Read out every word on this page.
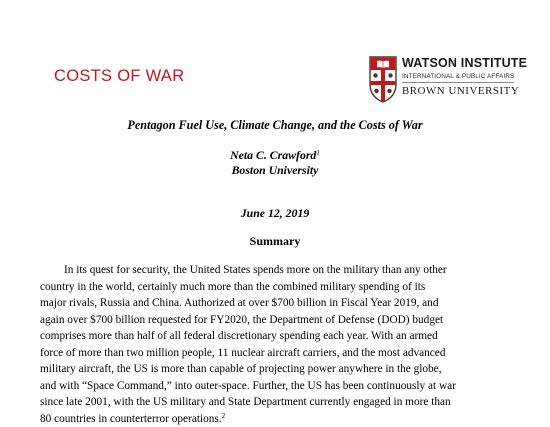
COSTS OF WAR
WATSON INSTITUTE
INTERNATIONAL & PUBLIC AFFAIRS
BROWN UNIVERSITY
Pentagon Fuel Use, Climate Change, and the Costs of War
Neta C. Crawford$^1$
Boston University
June 12, 2019
Summary
In its quest for security, the United States spends more on the military than any other
country in the world, certainly much more than the combined military spending of its
major rivals, Russia and China. Authorized at over $700 billion in Fiscal Year 2019, and
again over $700 billion requested for FY2020, the Department of Defense (DOD) budget
comprises more than half of all federal discretionary spending each year. With an armed
force of more than two million people, 11 nuclear aircraft carriers, and the most advanced
military aircraft, the US is more than capable of projecting power anywhere in the globe,
and with “Space Command,” into outer-space. Further, the US has been continuously at war
since late 2001, with the US military and State Department currently engaged in more than
80 countries in counterterror operations.$^2$
